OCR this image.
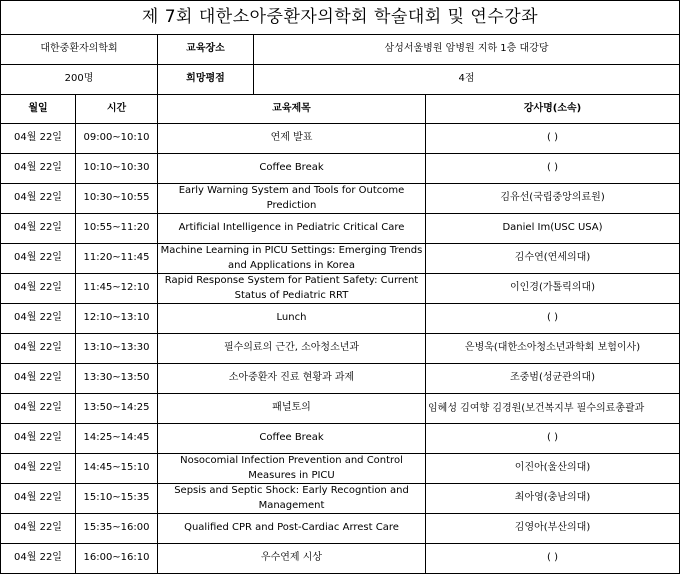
제 7회 대한소아중환자의학회 학술대회 및 연수강좌				
대한중환자의학회		교육장소	삼성서울병원 암병원 지하 1층 대강당	
200명		희망평점	4점	
월일	시간	교육제목		강사명(소속)
04월 22일	09:00~10:10	연제 발표		( )
04월 22일	10:10~10:30	Coffee Break		( )
04월 22일	10:30~10:55	Early Warning System and Tools for Outcome Prediction		김유선(국립중앙의료원)
04월 22일	10:55~11:20	Artificial Intelligence in Pediatric Critical Care		Daniel Im(USC USA)
04월 22일	11:20~11:45	Machine Learning in PICU Settings: Emerging Trends and Applications in Korea		김수연(연세의대)
04월 22일	11:45~12:10	Rapid Response System for Patient Safety: Current Status of Pediatric RRT		이인경(가톨릭의대)
04월 22일	12:10~13:10	Lunch		( )
04월 22일	13:10~13:30	필수의료의 근간, 소아청소년과		은병욱(대한소아청소년과학회 보험이사)
04월 22일	13:30~13:50	소아중환자 진료 현황과 과제		조중범(성균관의대)
04월 22일	13:50~14:25	패널토의		임혜성 김여향 김경원(보건복지부 필수의료총괄과
04월 22일	14:25~14:45	Coffee Break		( )
04월 22일	14:45~15:10	Nosocomial Infection Prevention and Control Measures in PICU		이진아(울산의대)
04월 22일	15:10~15:35	Sepsis and Septic Shock: Early Recogntion and Management		최아영(충남의대)
04월 22일	15:35~16:00	Qualified CPR and Post-Cardiac Arrest Care		김영아(부산의대)
04월 22일	16:00~16:10	우수연제 시상		( )
